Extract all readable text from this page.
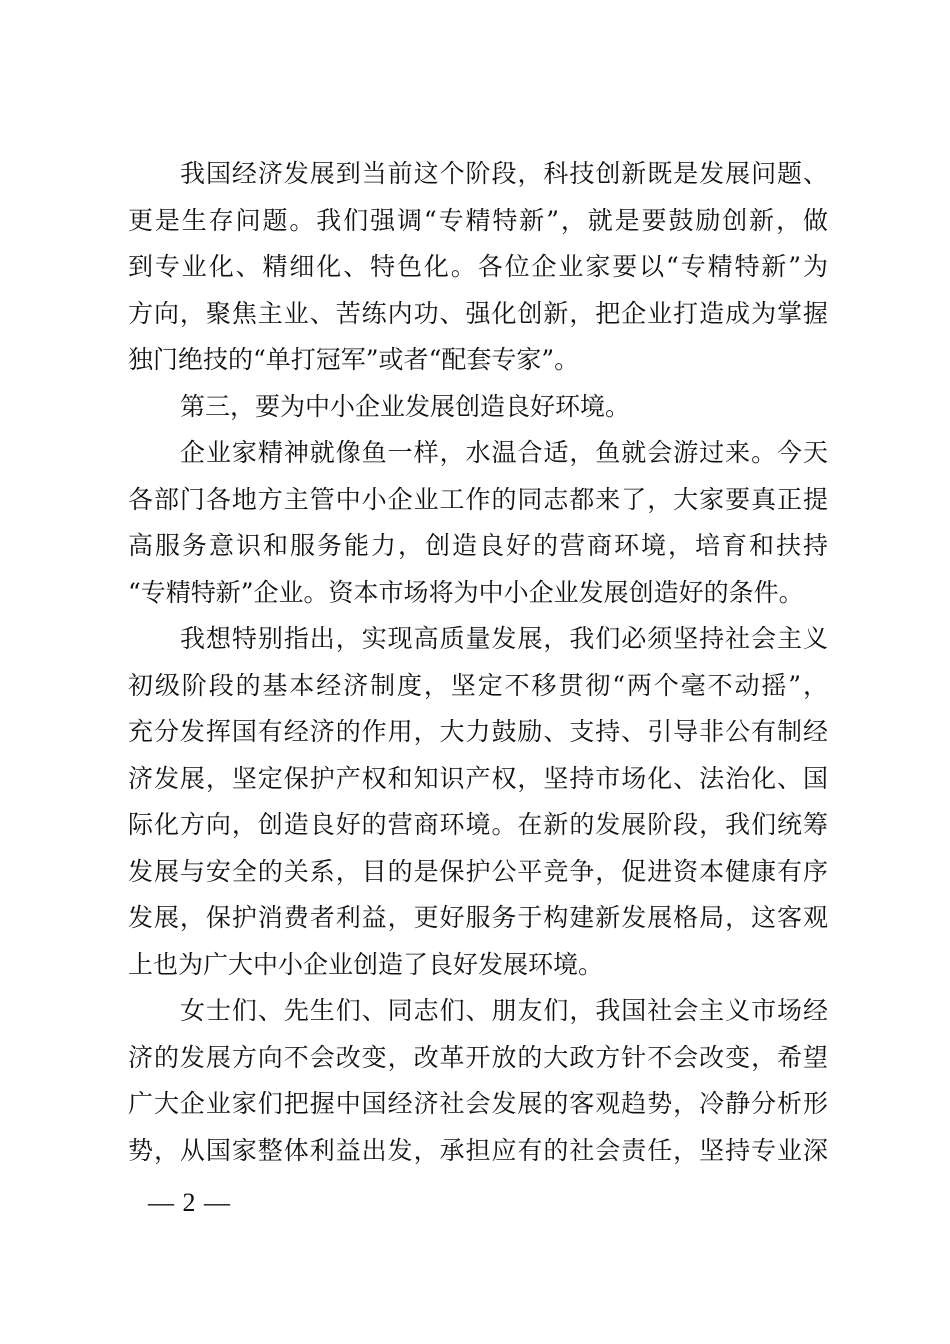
我国经济发展到当前这个阶段，科技创新既是发展问题、
更是生存问题。我们强调“专精特新”，就是要鼓励创新，做
到专业化、精细化、特色化。各位企业家要以“专精特新”为
方向，聚焦主业、苦练内功、强化创新，把企业打造成为掌握
独门绝技的“单打冠军”或者“配套专家”。
第三，要为中小企业发展创造良好环境。
企业家精神就像鱼一样，水温合适，鱼就会游过来。今天
各部门各地方主管中小企业工作的同志都来了，大家要真正提
高服务意识和服务能力，创造良好的营商环境，培育和扶持
“专精特新”企业。资本市场将为中小企业发展创造好的条件。
我想特别指出，实现高质量发展，我们必须坚持社会主义
初级阶段的基本经济制度，坚定不移贯彻“两个毫不动摇”，
充分发挥国有经济的作用，大力鼓励、支持、引导非公有制经
济发展，坚定保护产权和知识产权，坚持市场化、法治化、国
际化方向，创造良好的营商环境。在新的发展阶段，我们统筹
发展与安全的关系，目的是保护公平竞争，促进资本健康有序
发展，保护消费者利益，更好服务于构建新发展格局，这客观
上也为广大中小企业创造了良好发展环境。
女士们、先生们、同志们、朋友们，我国社会主义市场经
济的发展方向不会改变，改革开放的大政方针不会改变，希望
广大企业家们把握中国经济社会发展的客观趋势，冷静分析形
势，从国家整体利益出发，承担应有的社会责任，坚持专业深
— 2 —
